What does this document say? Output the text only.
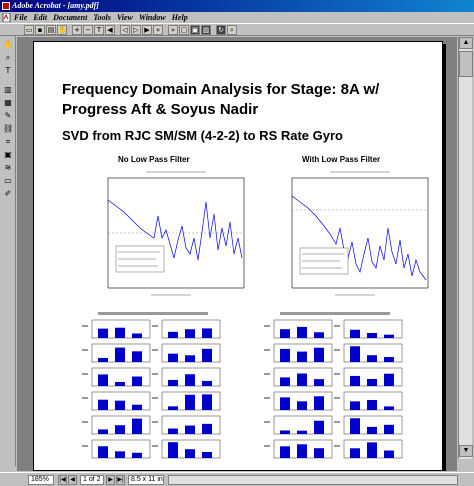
Adobe Acrobat - [amy.pdf]
File Edit Document Tools View Window Help
▭ ▪ ▤ ✋ + − T ◀	◁ ▷ ▶ «	» ▢ ▣ ▥ ↻ ⌕
✋
⌕
T
▥
▦
✎
⛓
⌗
▣
≋
▭
✐
Frequency Domain Analysis for Stage: 8A w/
Progress Aft & Soyus Nadir
SVD from RJC SM/SM (4-2-2) to RS Rate Gyro
No Low Pass Filter	With Low Pass Filter
▲
▼
185%	|◀ ◀	1 of 2	▶ ▶|	8.5 x 11 in
